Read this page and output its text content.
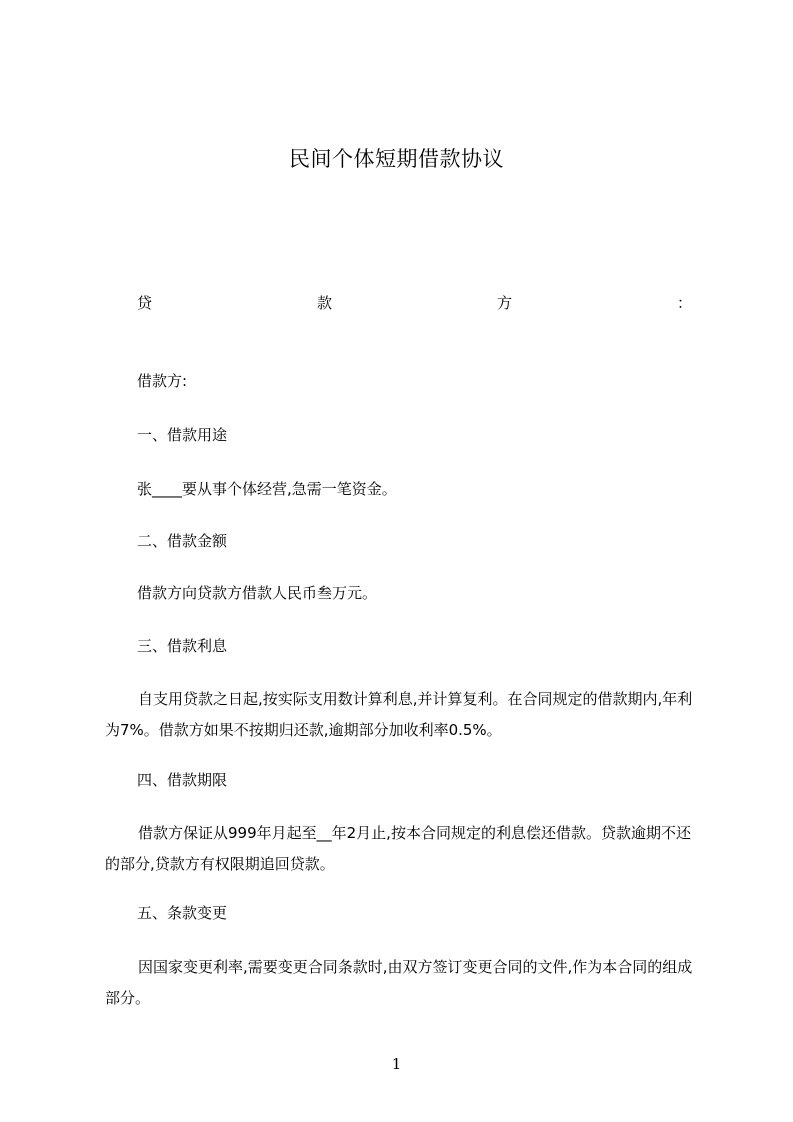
民间个体短期借款协议
贷	款	方	：
借款方:
一、借款用途
张____要从事个体经营,急需一笔资金。
二、借款金额
借款方向贷款方借款人民币叁万元。
三、借款利息
自支用贷款之日起,按实际支用数计算利息,并计算复利。在合同规定的借款期内,年利为7%。借款方如果不按期归还款,逾期部分加收利率0.5%。
四、借款期限
借款方保证从999年月起至__年2月止,按本合同规定的利息偿还借款。贷款逾期不还的部分,贷款方有权限期追回贷款。
五、条款变更
因国家变更利率,需要变更合同条款时,由双方签订变更合同的文件,作为本合同的组成部分。
1
